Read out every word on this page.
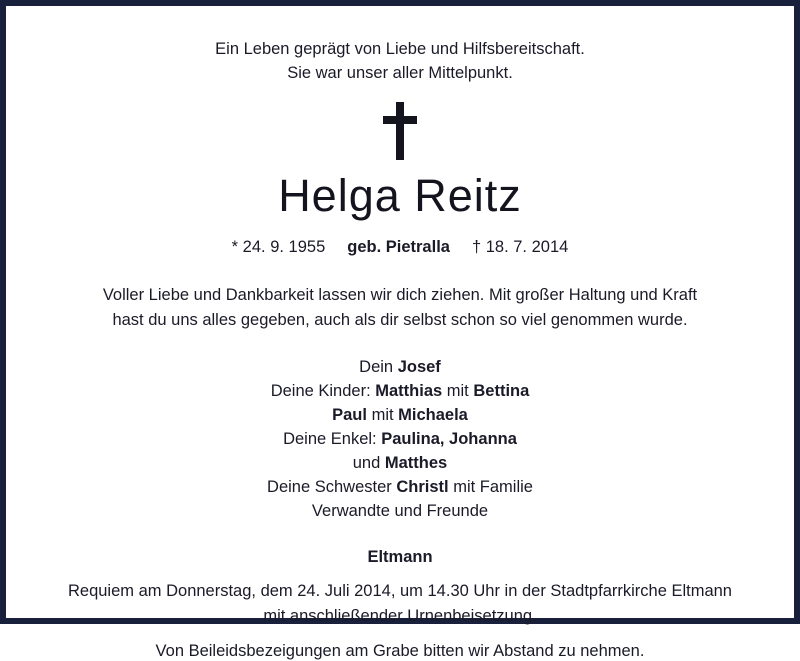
Ein Leben geprägt von Liebe und Hilfsbereitschaft.
Sie war unser aller Mittelpunkt.
Helga Reitz
* 24. 9. 1955 geb. Pietralla † 18. 7. 2014
Voller Liebe und Dankbarkeit lassen wir dich ziehen. Mit großer Haltung und Kraft
hast du uns alles gegeben, auch als dir selbst schon so viel genommen wurde.
Dein Josef
Deine Kinder: Matthias mit Bettina
Paul mit Michaela
Deine Enkel: Paulina, Johanna
und Matthes
Deine Schwester Christl mit Familie
Verwandte und Freunde
Eltmann
Requiem am Donnerstag, dem 24. Juli 2014, um 14.30 Uhr in der Stadtpfarrkirche Eltmann
mit anschließender Urnenbeisetzung.
Von Beileidsbezeigungen am Grabe bitten wir Abstand zu nehmen.
